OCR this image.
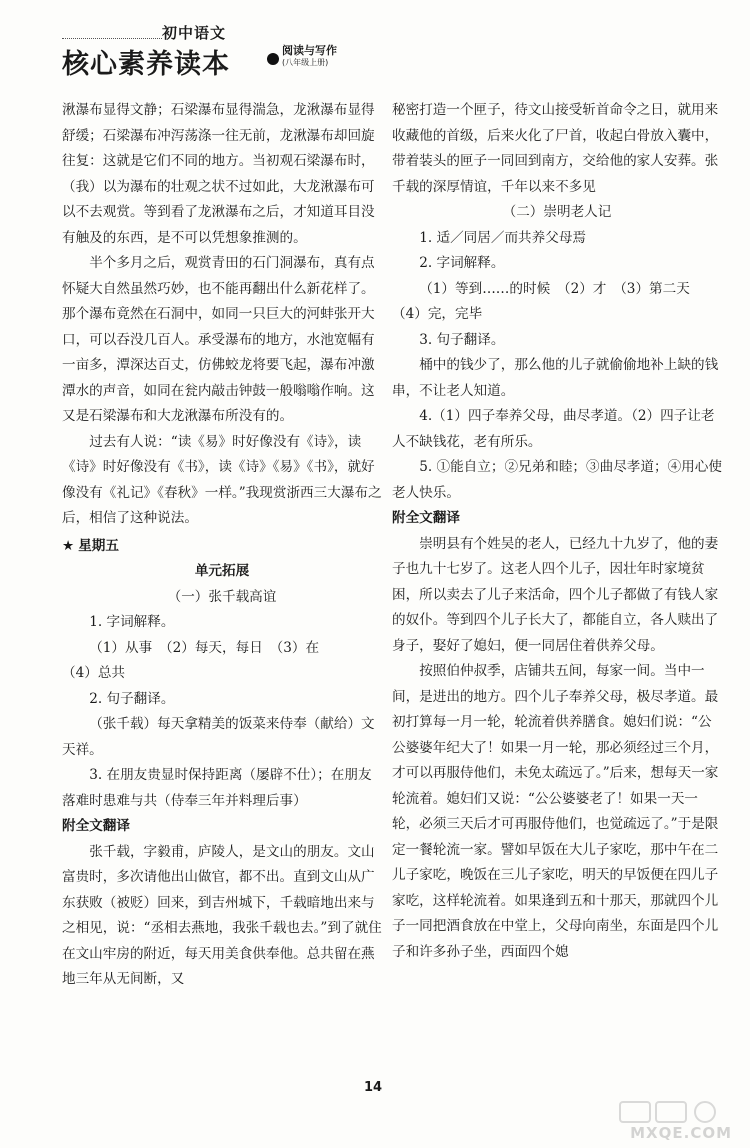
初中语文
核心素养读本	阅读与写作
(八年级上册)

湫瀑布显得文静；石梁瀑布显得湍急，龙湫瀑布显得舒缓；石梁瀑布冲泻荡涤一往无前，龙湫瀑布却回旋往复：这就是它们不同的地方。当初观石梁瀑布时，（我）以为瀑布的壮观之状不过如此，大龙湫瀑布可以不去观赏。等到看了龙湫瀑布之后，才知道耳目没有触及的东西，是不可以凭想象推测的。

半个多月之后，观赏青田的石门洞瀑布，真有点怀疑大自然虽然巧妙，也不能再翻出什么新花样了。那个瀑布竟然在石洞中，如同一只巨大的河蚌张开大口，可以吞没几百人。承受瀑布的地方，水池宽幅有一亩多，潭深达百丈，仿佛蛟龙将要飞起，瀑布冲激潭水的声音，如同在瓮内敲击钟鼓一般嗡嗡作响。这又是石梁瀑布和大龙湫瀑布所没有的。

过去有人说：“读《易》时好像没有《诗》，读《诗》时好像没有《书》，读《诗》《易》《书》，就好像没有《礼记》《春秋》一样。”我现赏浙西三大瀑布之后，相信了这种说法。

★ 星期五

单元拓展

（一）张千载高谊

1. 字词解释。

（1）从事　（2）每天，每日　（3）在

（4）总共

2. 句子翻译。

（张千载）每天拿精美的饭菜来侍奉（献给）文天祥。

3. 在朋友贵显时保持距离（屡辟不仕）；在朋友落难时患难与共（侍奉三年并料理后事）

附全文翻译

张千载，字毅甫，庐陵人，是文山的朋友。文山富贵时，多次请他出山做官，都不出。直到文山从广东获败（被贬）回来，到吉州城下，千载暗地出来与之相见，说：“丞相去燕地，我张千载也去。”到了就住在文山牢房的附近，每天用美食供奉他。总共留在燕地三年从无间断，又

秘密打造一个匣子，待文山接受斩首命令之日，就用来收藏他的首级，后来火化了尸首，收起白骨放入囊中，带着装头的匣子一同回到南方，交给他的家人安葬。张千载的深厚情谊，千年以来不多见

（二）崇明老人记

1. 适／同居／而共养父母焉

2. 字词解释。

（1）等到……的时候　（2）才　（3）第二天　（4）完，完毕

3. 句子翻译。

桶中的钱少了，那么他的儿子就偷偷地补上缺的钱串，不让老人知道。

4.（1）四子奉养父母，曲尽孝道。（2）四子让老人不缺钱花，老有所乐。

5. ①能自立；②兄弟和睦；③曲尽孝道；④用心使老人快乐。

附全文翻译

崇明县有个姓吴的老人，已经九十九岁了，他的妻子也九十七岁了。这老人四个儿子，因壮年时家境贫困，所以卖去了儿子来活命，四个儿子都做了有钱人家的奴仆。等到四个儿子长大了，都能自立，各人赎出了身子，娶好了媳妇，便一同居住着供养父母。

按照伯仲叔季，店铺共五间，每家一间。当中一间，是进出的地方。四个儿子奉养父母，极尽孝道。最初打算每一月一轮，轮流着供养膳食。媳妇们说：“公公婆婆年纪大了！如果一月一轮，那必须经过三个月，才可以再服侍他们，未免太疏远了。”后来，想每天一家轮流着。媳妇们又说：“公公婆婆老了！如果一天一轮，必须三天后才可再服侍他们，也觉疏远了。”于是限定一餐轮流一家。譬如早饭在大儿子家吃，那中午在二儿子家吃，晚饭在三儿子家吃，明天的早饭便在四儿子家吃，这样轮流着。如果逢到五和十那天，那就四个儿子一同把酒食放在中堂上，父母向南坐，东面是四个儿子和许多孙子坐，西面四个媳

14
MXQE.COM
